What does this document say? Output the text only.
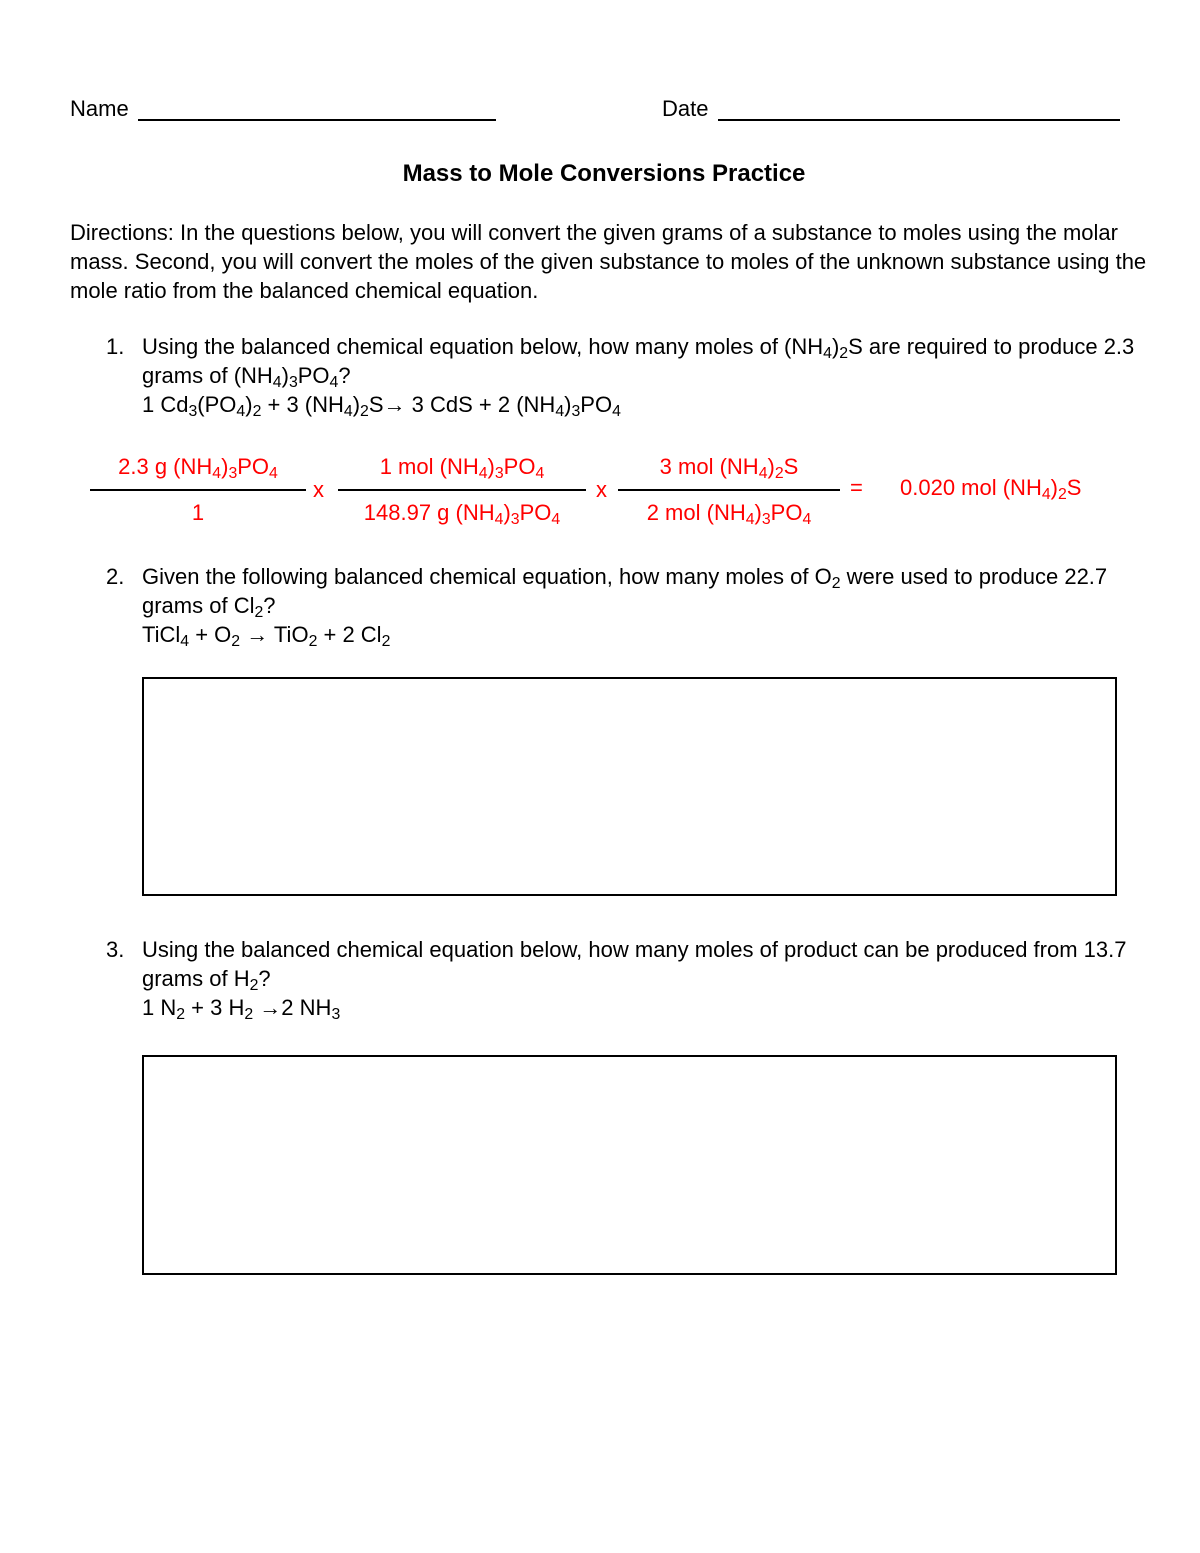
Name	Date
Mass to Mole Conversions Practice
Directions: In the questions below, you will convert the given grams of a substance to moles using the molar mass. Second, you will convert the moles of the given substance to moles of the unknown substance using the mole ratio from the balanced chemical equation.
1. Using the balanced chemical equation below, how many moles of $(NH_4)_2S$ are required to produce 2.3 grams of $(NH_4)_3PO_4$?
1 $Cd_3(PO_4)_2 + 3$ $(NH_4)_2S\to 3$ CdS + 2 $(NH_4)_3PO_4$
2.3 g $(NH_4)_3PO_4$
1
x
1 mol $(NH_4)_3PO_4$
148.97 g $(NH_4)_3PO_4$
x
3 mol $(NH_4)_2S$
2 mol $(NH_4)_3PO_4$
= 0.020 mol $(NH_4)_2S$
2. Given the following balanced chemical equation, how many moles of $O_2$ were used to produce 22.7 grams of $Cl_2$?
TiCl$_4$ + $O_2 \to TiO_2 + 2$ $Cl_2$
3. Using the balanced chemical equation below, how many moles of product can be produced from 13.7 grams of $H_2$?
1 $N_2 + 3$ $H_2 \to 2$ $NH_3$
